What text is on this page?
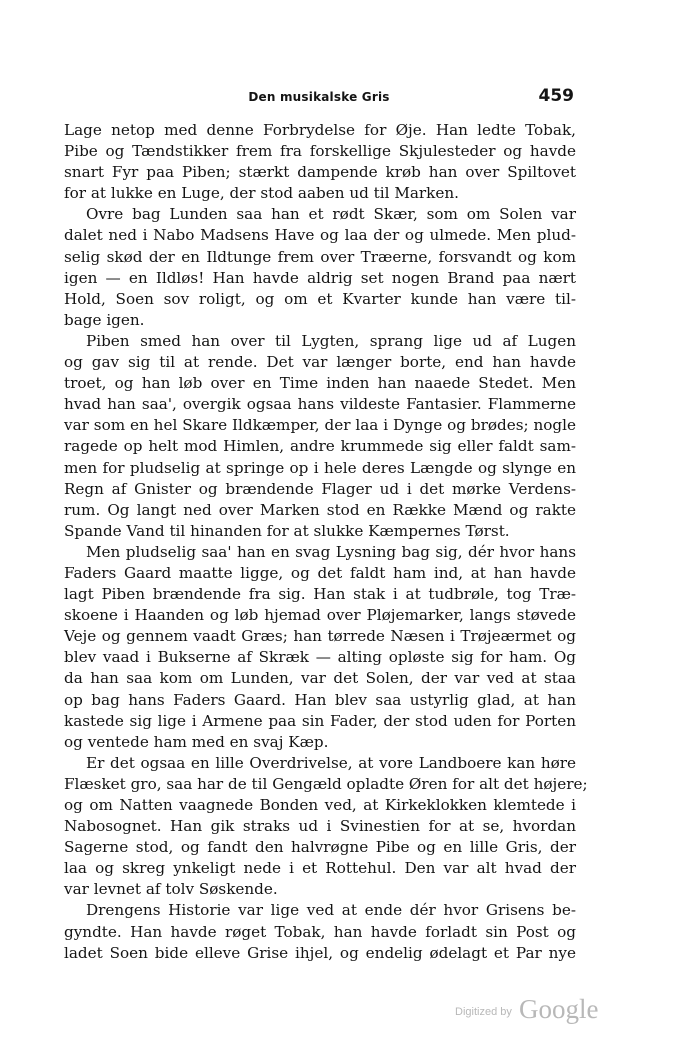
Den musikalske Gris	459
Lage netop med denne Forbrydelse for Øje. Han ledte Tobak,
Pibe og Tændstikker frem fra forskellige Skjulesteder og havde
snart Fyr paa Piben; stærkt dampende krøb han over Spiltovet
for at lukke en Luge, der stod aaben ud til Marken.
Ovre bag Lunden saa han et rødt Skær, som om Solen var
dalet ned i Nabo Madsens Have og laa der og ulmede. Men plud-
selig skød der en Ildtunge frem over Træerne, forsvandt og kom
igen — en Ildløs! Han havde aldrig set nogen Brand paa nært
Hold, Soen sov roligt, og om et Kvarter kunde han være til-
bage igen.
Piben smed han over til Lygten, sprang lige ud af Lugen
og gav sig til at rende. Det var længer borte, end han havde
troet, og han løb over en Time inden han naaede Stedet. Men
hvad han saa', overgik ogsaa hans vildeste Fantasier. Flammerne
var som en hel Skare Ildkæmper, der laa i Dynge og brødes; nogle
ragede op helt mod Himlen, andre krummede sig eller faldt sam-
men for pludselig at springe op i hele deres Længde og slynge en
Regn af Gnister og brændende Flager ud i det mørke Verdens-
rum. Og langt ned over Marken stod en Række Mænd og rakte
Spande Vand til hinanden for at slukke Kæmpernes Tørst.
Men pludselig saa' han en svag Lysning bag sig, dér hvor hans
Faders Gaard maatte ligge, og det faldt ham ind, at han havde
lagt Piben brændende fra sig. Han stak i at tudbrøle, tog Træ-
skoene i Haanden og løb hjemad over Pløjemarker, langs støvede
Veje og gennem vaadt Græs; han tørrede Næsen i Trøjeærmet og
blev vaad i Bukserne af Skræk — alting opløste sig for ham. Og
da han saa kom om Lunden, var det Solen, der var ved at staa
op bag hans Faders Gaard. Han blev saa ustyrlig glad, at han
kastede sig lige i Armene paa sin Fader, der stod uden for Porten
og ventede ham med en svaj Kæp.
Er det ogsaa en lille Overdrivelse, at vore Landboere kan høre
Flæsket gro, saa har de til Gengæld opladte Øren for alt det højere;
og om Natten vaagnede Bonden ved, at Kirkeklokken klemtede i
Nabosognet. Han gik straks ud i Svinestien for at se, hvordan
Sagerne stod, og fandt den halvrøgne Pibe og en lille Gris, der
laa og skreg ynkeligt nede i et Rottehul. Den var alt hvad der
var levnet af tolv Søskende.
Drengens Historie var lige ved at ende dér hvor Grisens be-
gyndte. Han havde røget Tobak, han havde forladt sin Post og
ladet Soen bide elleve Grise ihjel, og endelig ødelagt et Par nye
Digitized by Google
